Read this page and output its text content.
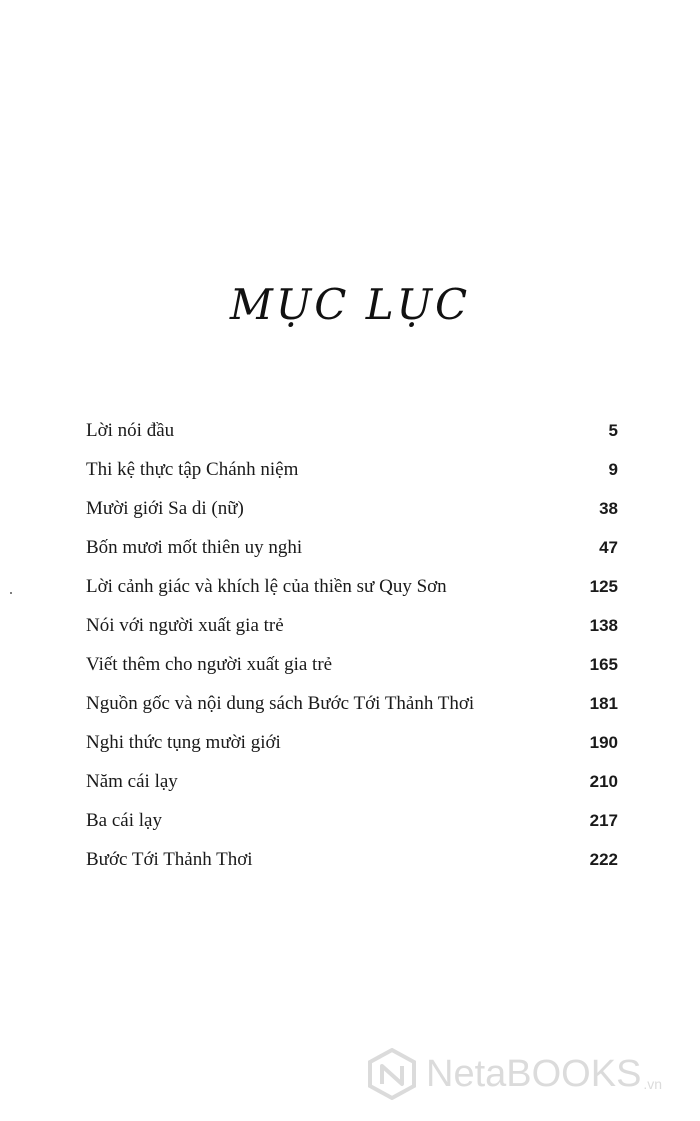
MỤC LỤC
Lời nói đầu	5
Thi kệ thực tập Chánh niệm	9
Mười giới Sa di (nữ)	38
Bốn mươi mốt thiên uy nghi	47
Lời cảnh giác và khích lệ của thiền sư Quy Sơn	125
Nói với người xuất gia trẻ	138
Viết thêm cho người xuất gia trẻ	165
Nguồn gốc và nội dung sách Bước Tới Thảnh Thơi	181
Nghi thức tụng mười giới	190
Năm cái lạy	210
Ba cái lạy	217
Bước Tới Thảnh Thơi	222
NetaBOOKS .vn
